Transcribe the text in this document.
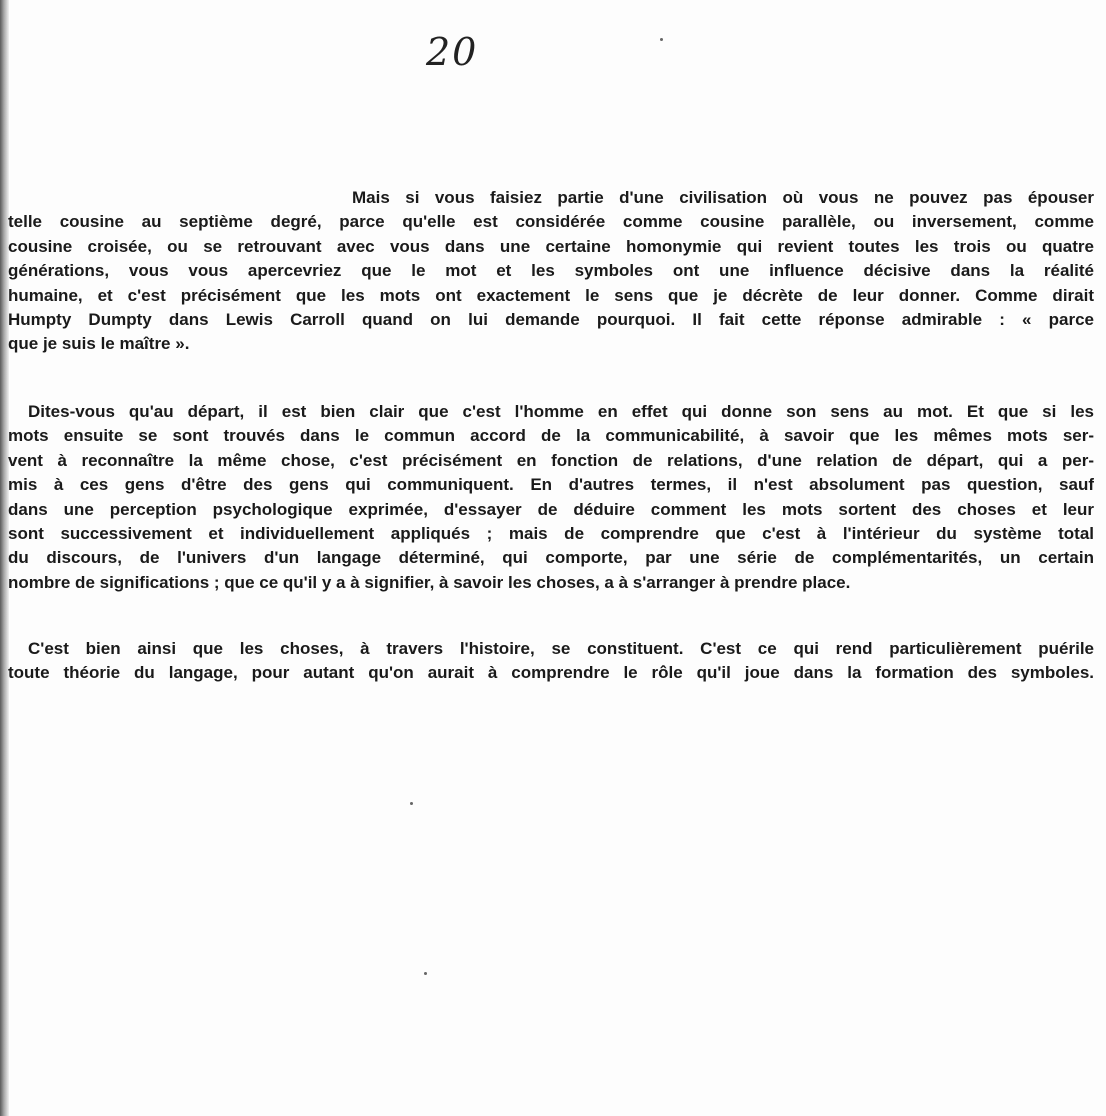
20
Mais si vous faisiez partie d'une civilisation où vous ne pouvez pas épouser
telle cousine au septième degré, parce qu'elle est considérée comme cousine parallèle, ou inversement, comme
cousine croisée, ou se retrouvant avec vous dans une certaine homonymie qui revient toutes les trois ou quatre
générations, vous vous apercevriez que le mot et les symboles ont une influence décisive dans la réalité
humaine, et c'est précisément que les mots ont exactement le sens que je décrète de leur donner. Comme dirait
Humpty Dumpty dans Lewis Carroll quand on lui demande pourquoi. Il fait cette réponse admirable : « parce
que je suis le maître ».
Dites-vous qu'au départ, il est bien clair que c'est l'homme en effet qui donne son sens au mot. Et que si les
mots ensuite se sont trouvés dans le commun accord de la communicabilité, à savoir que les mêmes mots ser-
vent à reconnaître la même chose, c'est précisément en fonction de relations, d'une relation de départ, qui a per-
mis à ces gens d'être des gens qui communiquent. En d'autres termes, il n'est absolument pas question, sauf
dans une perception psychologique exprimée, d'essayer de déduire comment les mots sortent des choses et leur
sont successivement et individuellement appliqués ; mais de comprendre que c'est à l'intérieur du système total
du discours, de l'univers d'un langage déterminé, qui comporte, par une série de complémentarités, un certain
nombre de significations ; que ce qu'il y a à signifier, à savoir les choses, a à s'arranger à prendre place.
C'est bien ainsi que les choses, à travers l'histoire, se constituent. C'est ce qui rend particulièrement puérile
toute théorie du langage, pour autant qu'on aurait à comprendre le rôle qu'il joue dans la formation des symboles.
